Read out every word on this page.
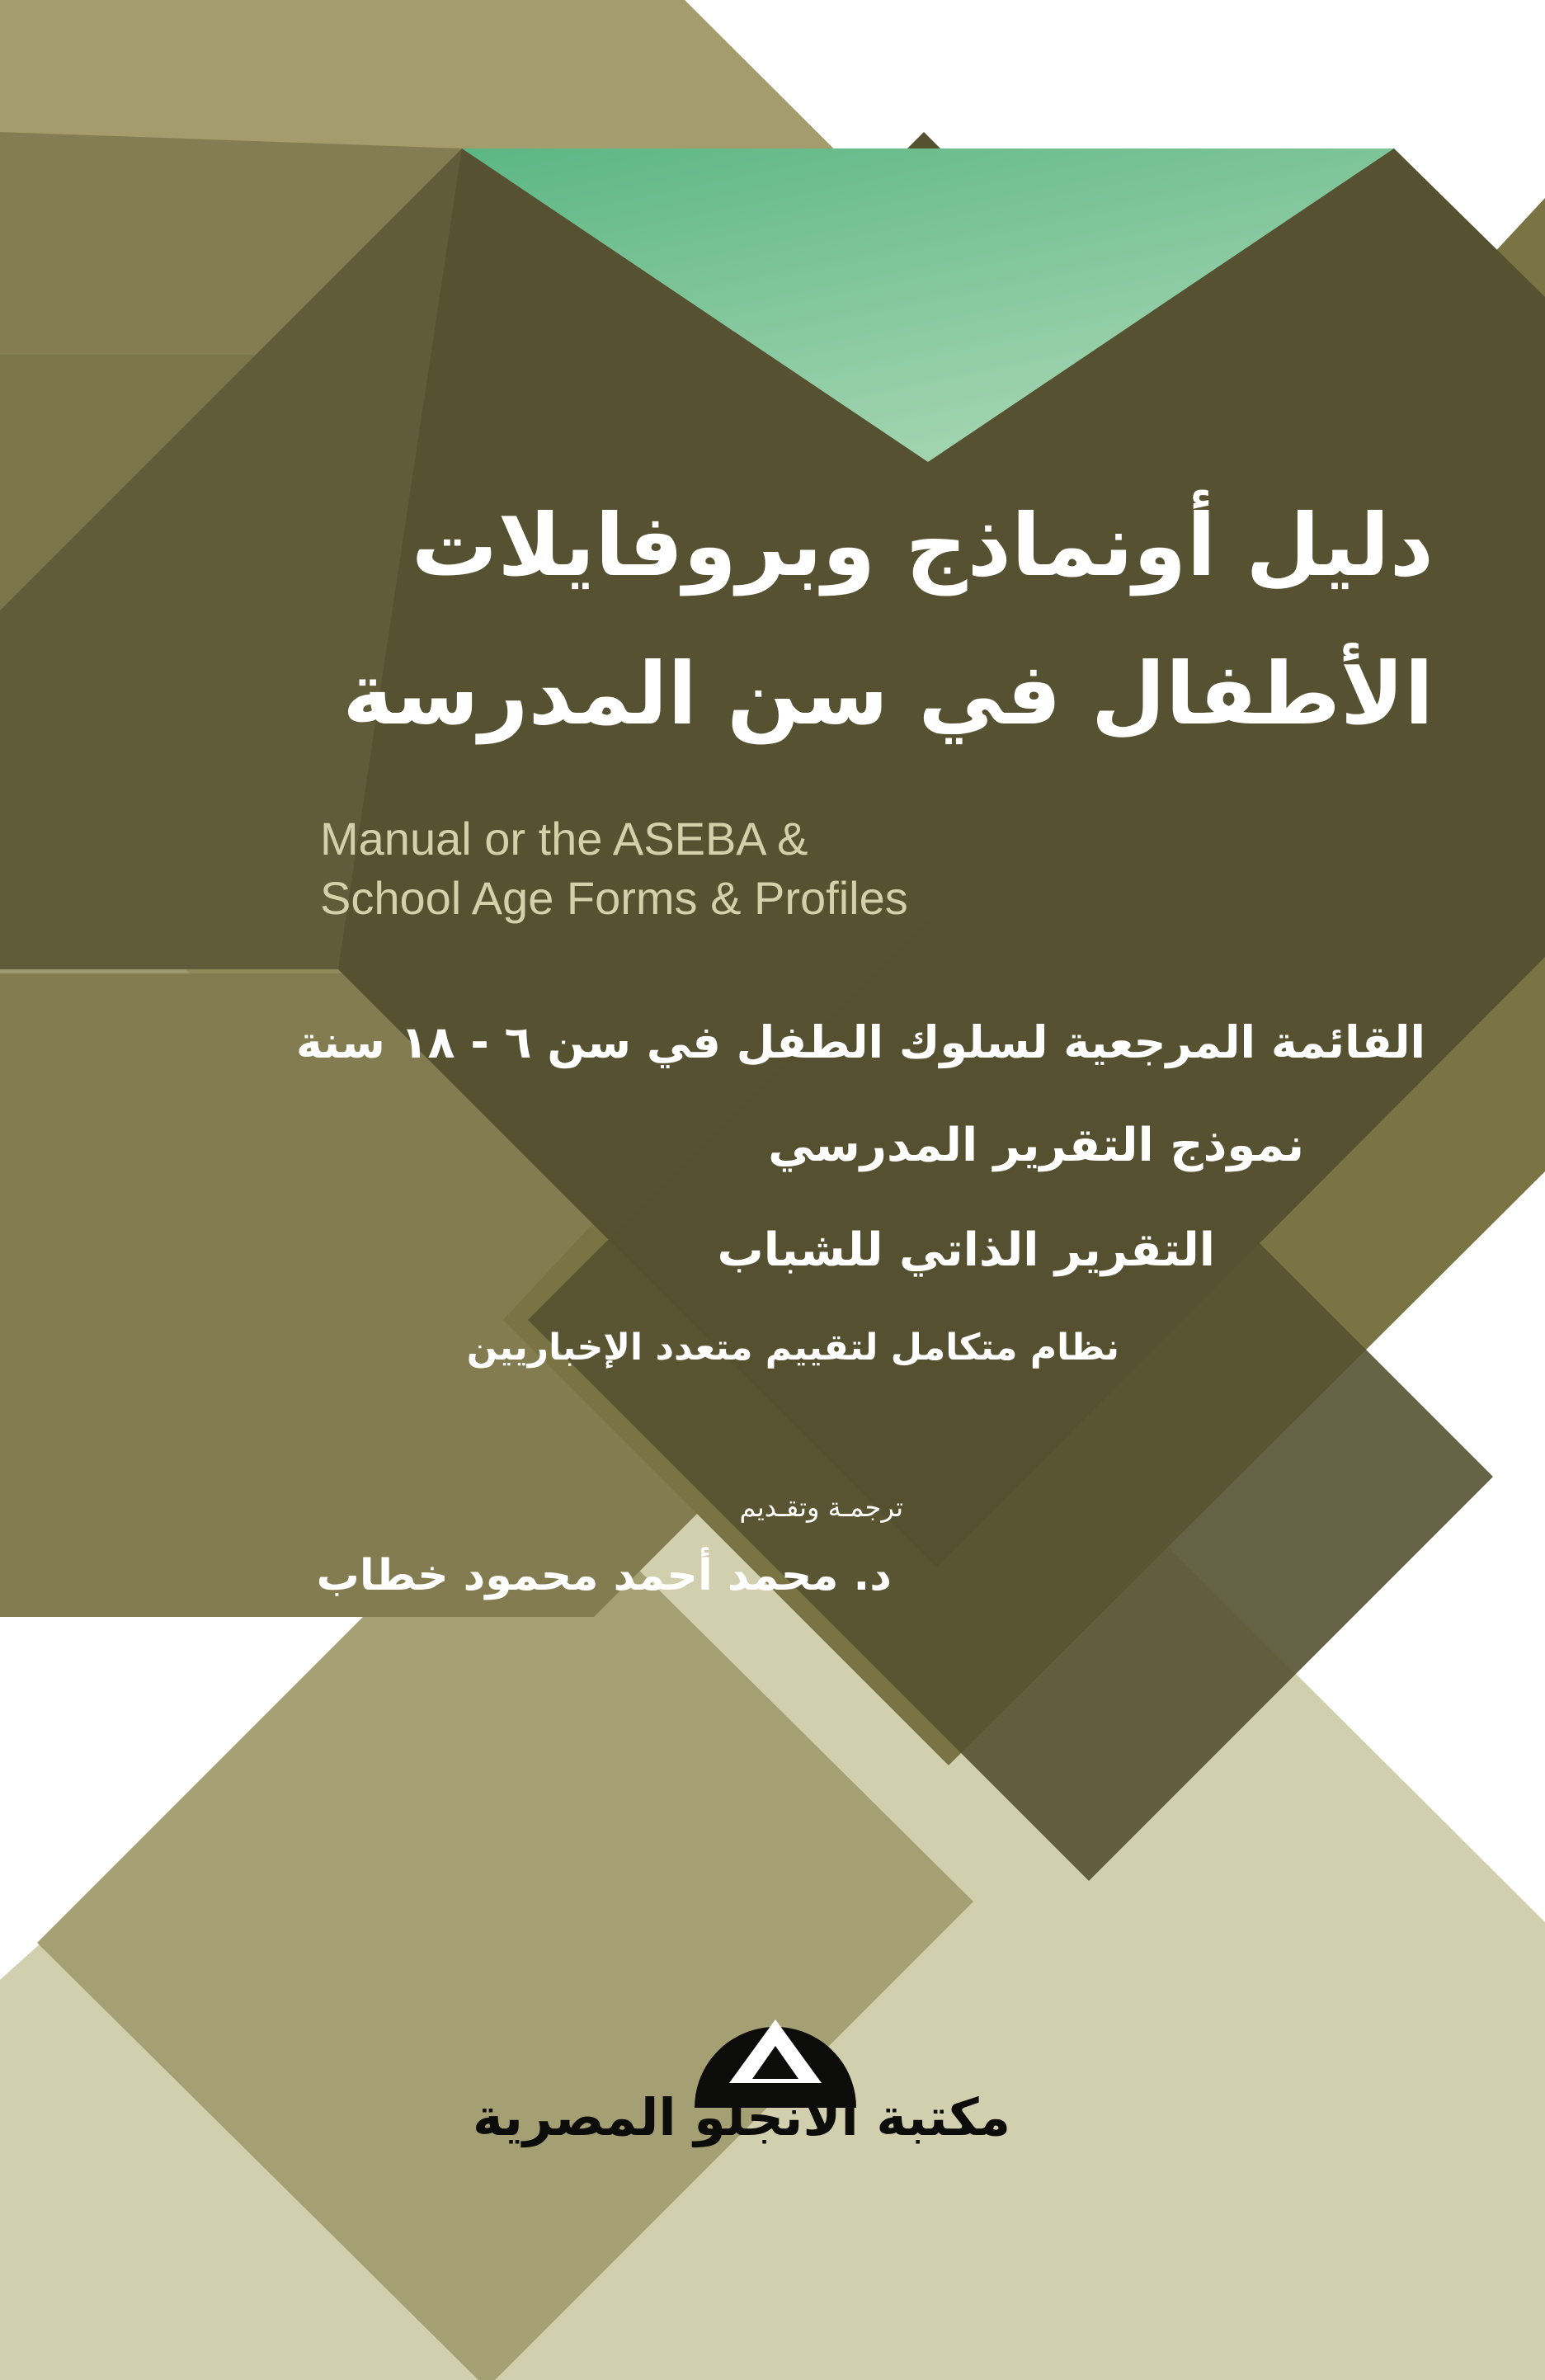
دليل أونماذج وبروفايلات
الأطفال في سن المدرسة
Manual or the ASEBA &
School Age Forms & Profiles
القائمة المرجعية لسلوك الطفل في سن ٦ - ١٨ سنة
نموذج التقرير المدرسي
التقرير الذاتي للشباب
نظام متكامل لتقييم متعدد الإخباريين
ترجمـة وتقـديم
د. محمد أحمد محمود خطاب
مكتبة الأنجلو المصرية
